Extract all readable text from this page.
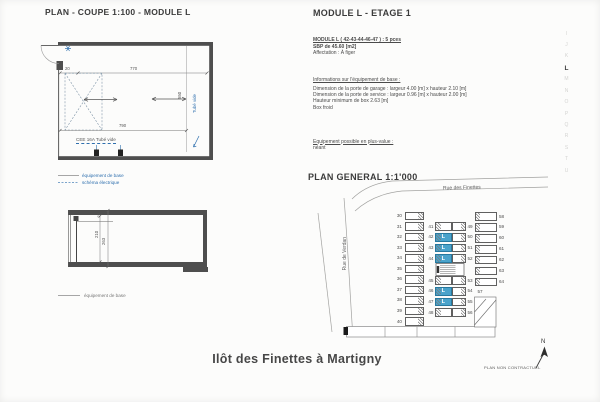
PLAN - COUPE 1:100 - MODULE L	MODULE L - ETAGE 1
MODULE L ( 42-43-44-46-47 ) : 5 pces
SBP de 45.60 [m2]
Affectation : À figer
Informations sur l'équipement de base :
Dimension de la porte de garage : largeur 4.00 [m] x hauteur 2.10 [m]
Dimension de la porte de service : largeur 0.96 [m] x hauteur 2.00 [m]
Hauteur minimum de box 2.63 [m]
Box froid
Equipement possible en plus-value :
néant
PLAN GENERAL 1:1'000
20	770
790
550 Tubé vide
CEE 16A Tubé vide
équipement de base
schéma électrique
équipement de base
22
210
263
Rue des Finettes
Rue de Verdan
30
31
32
33
34
35
36
37
38
39
40
41
L
42
L
43
L
44
45
L
46
L
47
48
49
50
51
52
53
54
55
56
58
59
60
61
62
63
64
57
Ilôt des Finettes à Martigny
PLAN NON CONTRACTUEL
N
I
J
K
L
M
N
O
P
Q
R
S
T
U
